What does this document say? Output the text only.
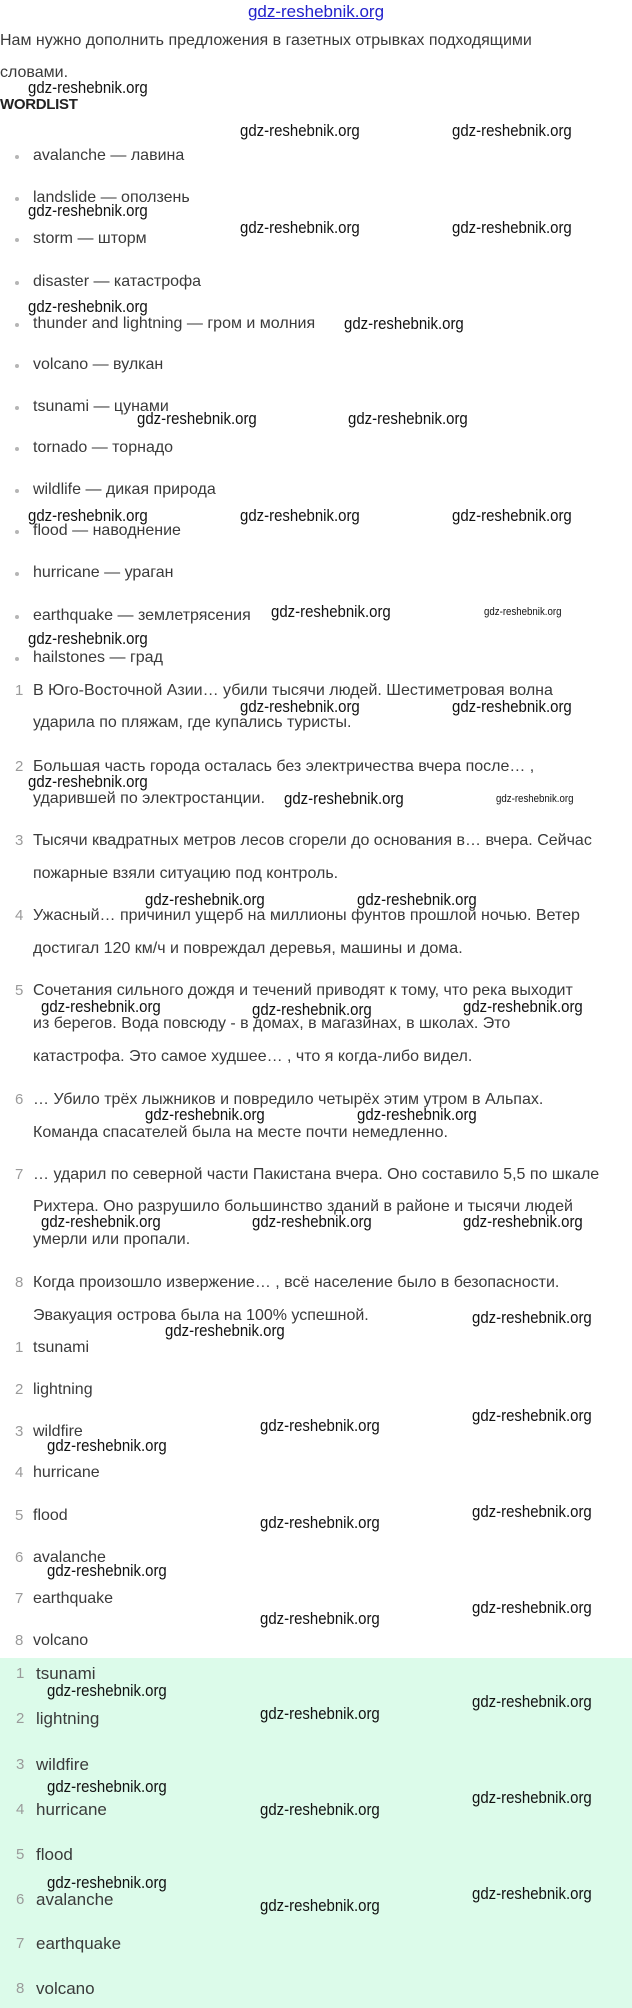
gdz-reshebnik.org
WORDLIST
Нам нужно дополнить предложения в газетных отрывках подходящими
словами.
avalanche — лавина
landslide — оползень
storm — шторм
disaster — катастрофа
thunder and lightning — гром и молния
volcano — вулкан
tsunami — цунами
tornado — торнадо
wildlife — дикая природа
flood — наводнение
hurricane — ураган
earthquake — землетрясения
hailstones — град
1 В Юго-Восточной Азии… убили тысячи людей. Шестиметровая волна
ударила по пляжам, где купались туристы.
2 Большая часть города осталась без электричества вчера после… ,
ударившей по электростанции.
3 Тысячи квадратных метров лесов сгорели до основания в… вчера. Сейчас
пожарные взяли ситуацию под контроль.
4 Ужасный… причинил ущерб на миллионы фунтов прошлой ночью. Ветер
достигал 120 км/ч и повреждал деревья, машины и дома.
5 Сочетания сильного дождя и течений приводят к тому, что река выходит
из берегов. Вода повсюду - в домах, в магазинах, в школах. Это
катастрофа. Это самое худшее… , что я когда-либо видел.
6 … Убило трёх лыжников и повредило четырёх этим утром в Альпах.
Команда спасателей была на месте почти немедленно.
7 … ударил по северной части Пакистана вчера. Оно составило 5,5 по шкале
Рихтера. Оно разрушило большинство зданий в районе и тысячи людей
умерли или пропали.
8 Когда произошло извержение… , всё население было в безопасности.
Эвакуация острова была на 100% успешной.
1 tsunami
2 lightning
3 wildfire
4 hurricane
5 flood
6 avalanche
7 earthquake
8 volcano
1 tsunami
2 lightning
3 wildfire
4 hurricane
5 flood
6 avalanche
7 earthquake
8 volcano
gdz-reshebnik.org
gdz-reshebnik.org	gdz-reshebnik.org
gdz-reshebnik.org
gdz-reshebnik.org	gdz-reshebnik.org
gdz-reshebnik.org
gdz-reshebnik.org
gdz-reshebnik.org	gdz-reshebnik.org
gdz-reshebnik.org	gdz-reshebnik.org	gdz-reshebnik.org
gdz-reshebnik.org
gdz-reshebnik.org
gdz-reshebnik.org	gdz-reshebnik.org
gdz-reshebnik.org
gdz-reshebnik.org
gdz-reshebnik.org	gdz-reshebnik.org
gdz-reshebnik.org	gdz-reshebnik.org	gdz-reshebnik.org
gdz-reshebnik.org	gdz-reshebnik.org
gdz-reshebnik.org	gdz-reshebnik.org	gdz-reshebnik.org
gdz-reshebnik.org
gdz-reshebnik.org
gdz-reshebnik.org
gdz-reshebnik.org
gdz-reshebnik.org
gdz-reshebnik.org
gdz-reshebnik.org
gdz-reshebnik.org
gdz-reshebnik.org
gdz-reshebnik.org
gdz-reshebnik.org
gdz-reshebnik.org
gdz-reshebnik.org
gdz-reshebnik.org
gdz-reshebnik.org
gdz-reshebnik.org
gdz-reshebnik.org
gdz-reshebnik.org
gdz-reshebnik.org
gdz-reshebnik.org
gdz-reshebnik.org
